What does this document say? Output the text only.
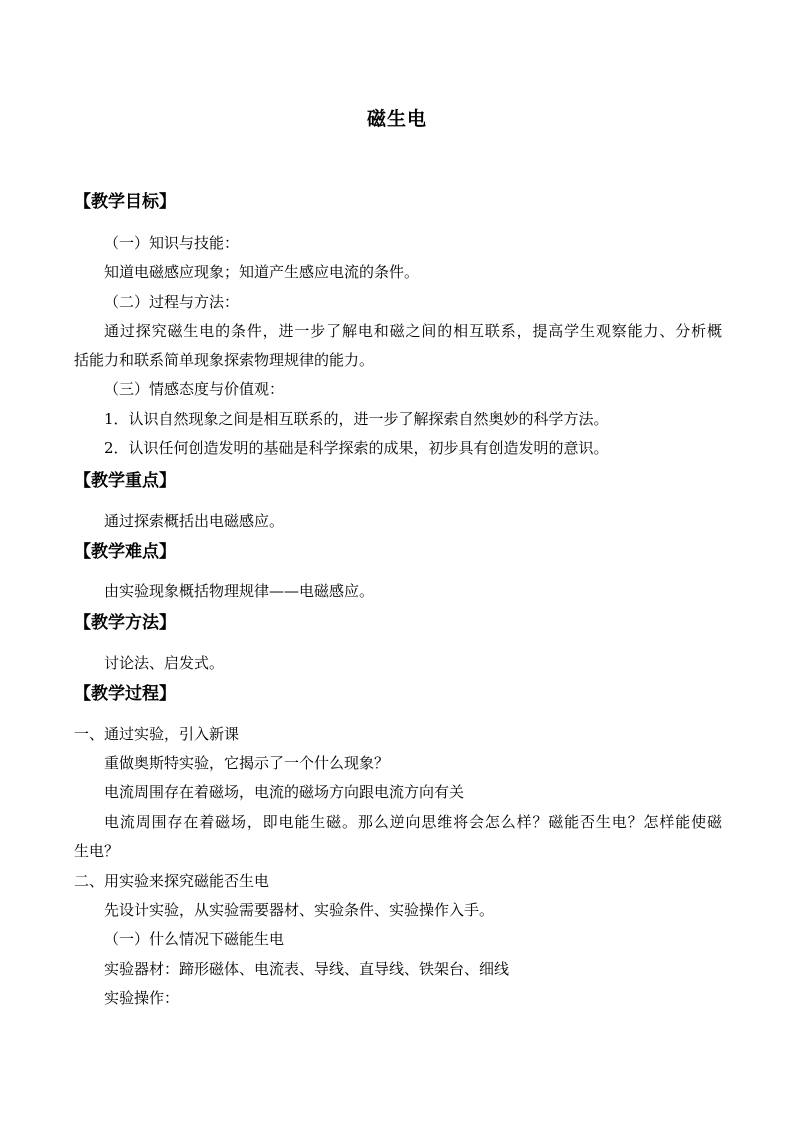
磁生电
【教学目标】
（一）知识与技能：
知道电磁感应现象；知道产生感应电流的条件。
（二）过程与方法：
通过探究磁生电的条件，进一步了解电和磁之间的相互联系，提高学生观察能力、分析概
括能力和联系简单现象探索物理规律的能力。
（三）情感态度与价值观：
1．认识自然现象之间是相互联系的，进一步了解探索自然奥妙的科学方法。
2．认识任何创造发明的基础是科学探索的成果，初步具有创造发明的意识。
【教学重点】
通过探索概括出电磁感应。
【教学难点】
由实验现象概括物理规律——电磁感应。
【教学方法】
讨论法、启发式。
【教学过程】
一、通过实验，引入新课
重做奥斯特实验，它揭示了一个什么现象？
电流周围存在着磁场，电流的磁场方向跟电流方向有关
电流周围存在着磁场，即电能生磁。那么逆向思维将会怎么样？磁能否生电？怎样能使磁
生电？
二、用实验来探究磁能否生电
先设计实验，从实验需要器材、实验条件、实验操作入手。
（一）什么情况下磁能生电
实验器材：蹄形磁体、电流表、导线、直导线、铁架台、细线
实验操作：
